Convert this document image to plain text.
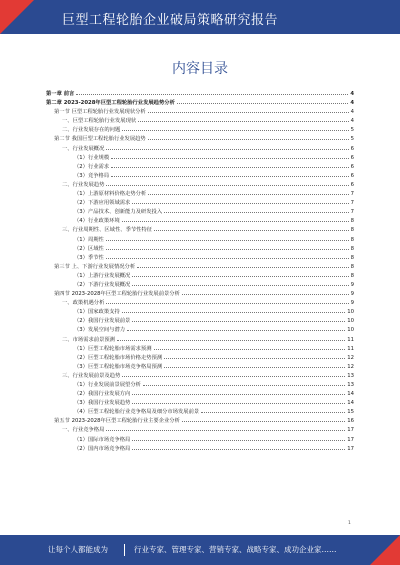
巨型工程轮胎企业破局策略研究报告
内容目录
第一章 前言	4
第二章 2023-2028年巨型工程轮胎行业发展趋势分析	4
第一节 巨型工程轮胎行业发展现状分析	4
一、巨型工程轮胎行业发展现状	4
二、行业发展存在的问题	5
第二节 我国巨型工程轮胎行业发展趋势	5
一、行业发展概况	6
（1）行业规模	6
（2）行业需求	6
（3）竞争格局	6
二、行业发展趋势	6
（1）上游原材料价格走势分析	7
（2）下游应用领域需求	7
（3）产品技术、创新能力及研发投入	7
（4）行业政策环境	8
三、行业周期性、区域性、季节性特征	8
（1）周期性	8
（2）区域性	8
（3）季节性	8
第三节 上、下游行业发展情况分析	8
（1）上游行业发展概况	8
（2）下游行业发展概况	9
第四节 2023-2028年巨型工程轮胎行业发展前景分析	9
一、政策机遇分析	9
（1）国家政策支持	10
（2）我国行业发展前景	10
（3）发展空间与潜力	10
二、市场需求前景预测	11
（1）巨型工程轮胎市场需求预测	11
（2）巨型工程轮胎市场价格走势预测	12
（3）巨型工程轮胎市场竞争格局预测	12
三、行业发展前景及趋势	13
（1）行业发展前景展望分析	13
（2）我国行业发展方向	14
（3）我国行业发展趋势	14
（4）巨型工程轮胎行业竞争格局及细分市场发展前景	15
第五节 2023-2028年巨型工程轮胎行业主要企业分析	16
一、行业竞争格局	17
（1）国际市场竞争格局	17
（2）国内市场竞争格局	17
1
让每个人都能成为	行业专家、管理专家、营销专家、战略专家、成功企业家……
